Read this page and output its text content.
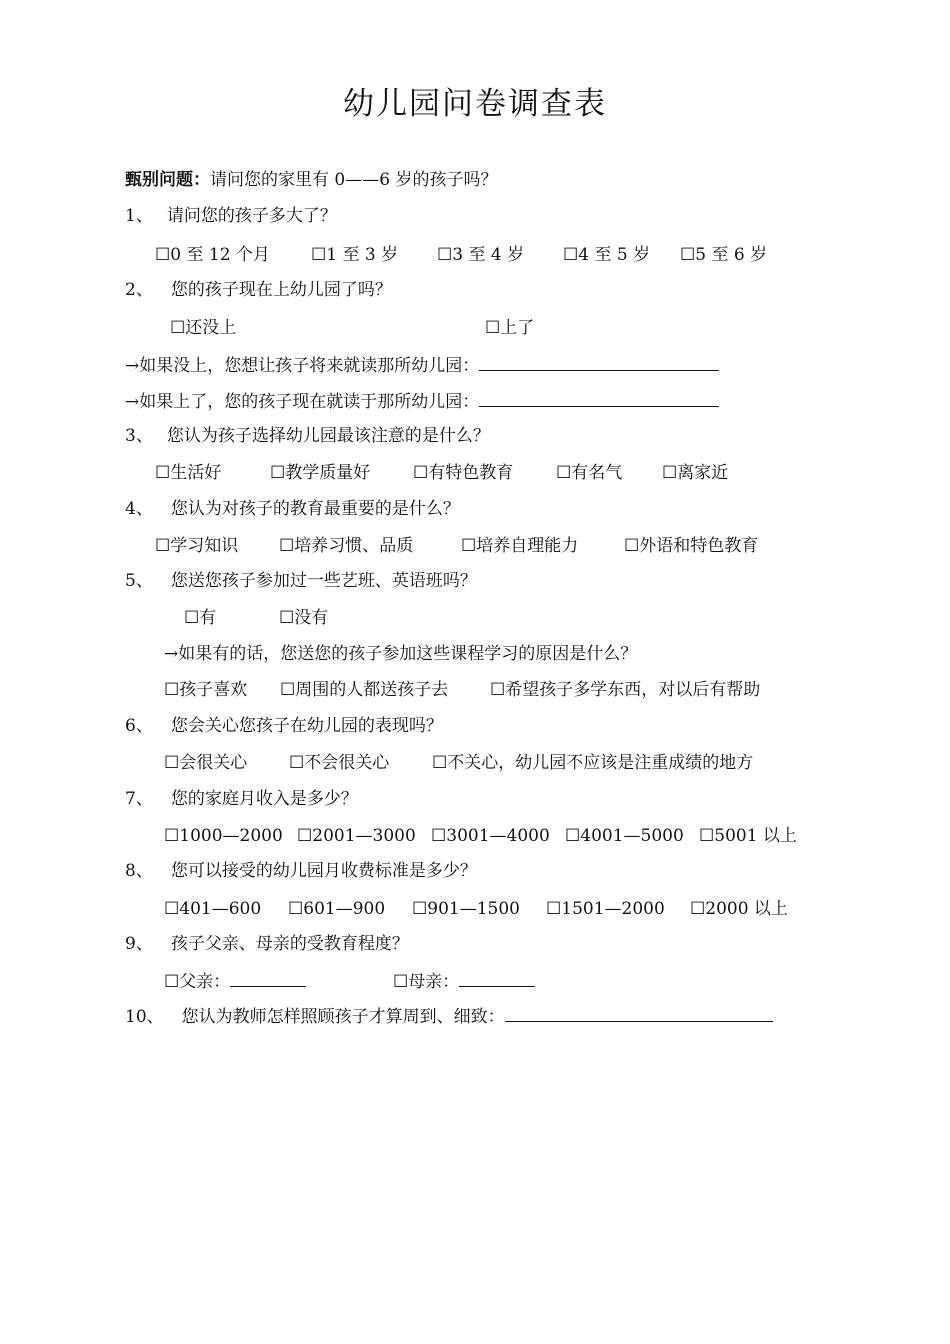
幼儿园问卷调查表
甄别问题：请问您的家里有 0——6 岁的孩子吗？
1、 请问您的孩子多大了？
☐0 至 12 个月 ☐1 至 3 岁 ☐3 至 4 岁 ☐4 至 5 岁 ☐5 至 6 岁
2、 您的孩子现在上幼儿园了吗？
☐还没上	☐上了
→如果没上，您想让孩子将来就读那所幼儿园：
→如果上了，您的孩子现在就读于那所幼儿园：
3、 您认为孩子选择幼儿园最该注意的是什么？
☐生活好	☐教学质量好	☐有特色教育	☐有名气 ☐离家近
4、 您认为对孩子的教育最重要的是什么？
☐学习知识 ☐培养习惯、品质	☐培养自理能力	☐外语和特色教育
5、 您送您孩子参加过一些艺班、英语班吗？
☐有	☐没有
→如果有的话，您送您的孩子参加这些课程学习的原因是什么？
☐孩子喜欢 ☐周围的人都送孩子去 ☐希望孩子多学东西，对以后有帮助
6、 您会关心您孩子在幼儿园的表现吗？
☐会很关心 ☐不会很关心	☐不关心，幼儿园不应该是注重成绩的地方
7、 您的家庭月收入是多少？
☐1000—2000 ☐2001—3000 ☐3001—4000 ☐4001—5000 ☐5001 以上
8、 您可以接受的幼儿园月收费标准是多少？
☐401—600 ☐601—900 ☐901—1500 ☐1501—2000 ☐2000 以上
9、 孩子父亲、母亲的受教育程度？
☐父亲：	☐母亲：
10、 您认为教师怎样照顾孩子才算周到、细致：
